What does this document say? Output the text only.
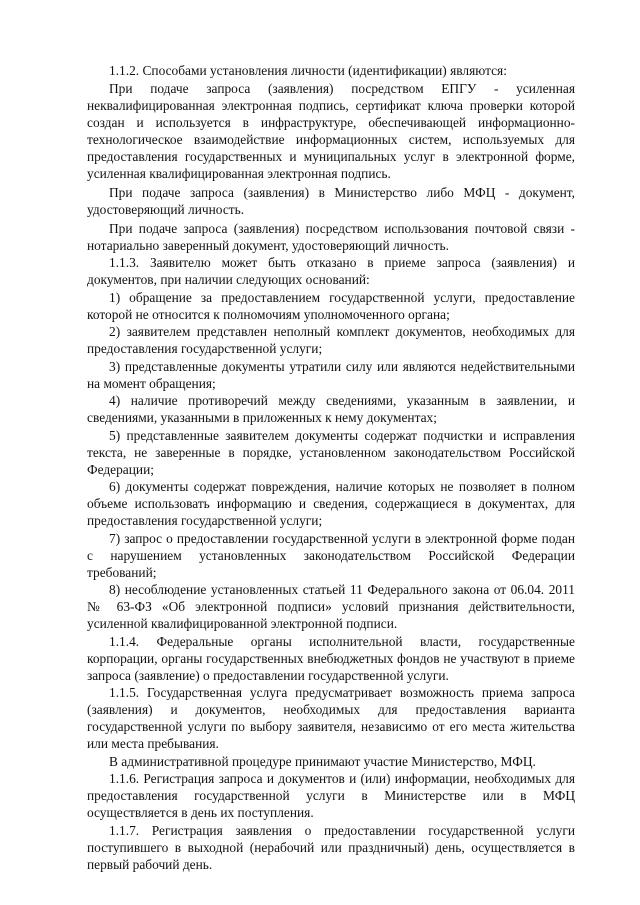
1.1.2. Способами установления личности (идентификации) являются:

При подаче запроса (заявления) посредством ЕПГУ - усиленная неквалифицированная электронная подпись, сертификат ключа проверки которой создан и используется в инфраструктуре, обеспечивающей информационно-технологическое взаимодействие информационных систем, используемых для предоставления государственных и муниципальных услуг в электронной форме, усиленная квалифицированная электронная подпись.

При подаче запроса (заявления) в Министерство либо МФЦ - документ, удостоверяющий личность.

При подаче запроса (заявления) посредством использования почтовой связи - нотариально заверенный документ, удостоверяющий личность.

1.1.3. Заявителю может быть отказано в приеме запроса (заявления) и документов, при наличии следующих оснований:

1) обращение за предоставлением государственной услуги, предоставление которой не относится к полномочиям уполномоченного органа;

2) заявителем представлен неполный комплект документов, необходимых для предоставления государственной услуги;

3) представленные документы утратили силу или являются недействительными на момент обращения;

4) наличие противоречий между сведениями, указанным в заявлении, и сведениями, указанными в приложенных к нему документах;

5) представленные заявителем документы содержат подчистки и исправления текста, не заверенные в порядке, установленном законодательством Российской Федерации;

6) документы содержат повреждения, наличие которых не позволяет в полном объеме использовать информацию и сведения, содержащиеся в документах, для предоставления государственной услуги;

7) запрос о предоставлении государственной услуги в электронной форме подан с нарушением установленных законодательством Российской Федерации требований;

8) несоблюдение установленных статьей 11 Федерального закона от 06.04. 2011 № 63-ФЗ «Об электронной подписи» условий признания действительности, усиленной квалифицированной электронной подписи.

1.1.4. Федеральные органы исполнительной власти, государственные корпорации, органы государственных внебюджетных фондов не участвуют в приеме запроса (заявление) о предоставлении государственной услуги.

1.1.5. Государственная услуга предусматривает возможность приема запроса (заявления) и документов, необходимых для предоставления варианта государственной услуги по выбору заявителя, независимо от его места жительства или места пребывания.

В административной процедуре принимают участие Министерство, МФЦ.

1.1.6. Регистрация запроса и документов и (или) информации, необходимых для предоставления государственной услуги в Министерстве или в МФЦ осуществляется в день их поступления.

1.1.7. Регистрация заявления о предоставлении государственной услуги поступившего в выходной (нерабочий или праздничный) день, осуществляется в первый рабочий день.
